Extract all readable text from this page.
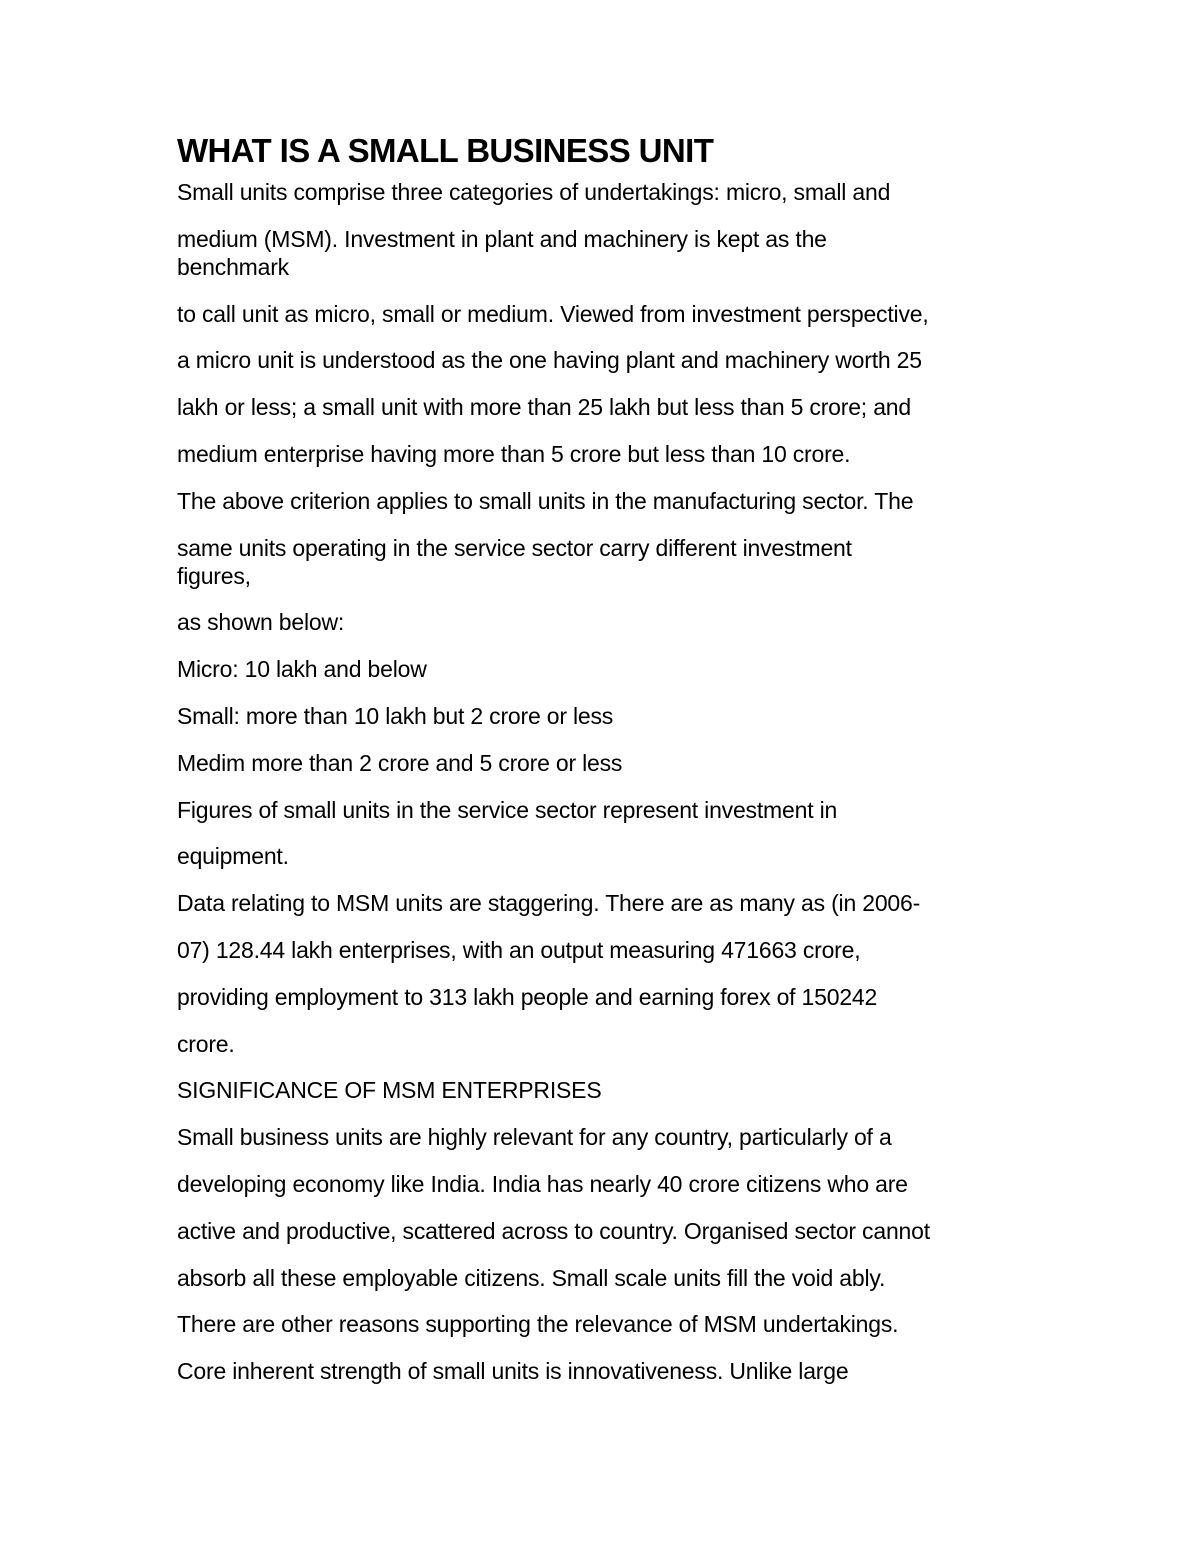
WHAT IS A SMALL BUSINESS UNIT
Small units comprise three categories of undertakings: micro, small and
medium (MSM). Investment in plant and machinery is kept as the
benchmark
to call unit as micro, small or medium. Viewed from investment perspective,
a micro unit is understood as the one having plant and machinery worth 25
lakh or less; a small unit with more than 25 lakh but less than 5 crore; and
medium enterprise having more than 5 crore but less than 10 crore.
The above criterion applies to small units in the manufacturing sector. The
same units operating in the service sector carry different investment
figures,
as shown below:
Micro: 10 lakh and below
Small: more than 10 lakh but 2 crore or less
Medim more than 2 crore and 5 crore or less
Figures of small units in the service sector represent investment in
equipment.
Data relating to MSM units are staggering. There are as many as (in 2006-
07) 128.44 lakh enterprises, with an output measuring 471663 crore,
providing employment to 313 lakh people and earning forex of 150242
crore.
SIGNIFICANCE OF MSM ENTERPRISES
Small business units are highly relevant for any country, particularly of a
developing economy like India. India has nearly 40 crore citizens who are
active and productive, scattered across to country. Organised sector cannot
absorb all these employable citizens. Small scale units fill the void ably.
There are other reasons supporting the relevance of MSM undertakings.
Core inherent strength of small units is innovativeness. Unlike large
